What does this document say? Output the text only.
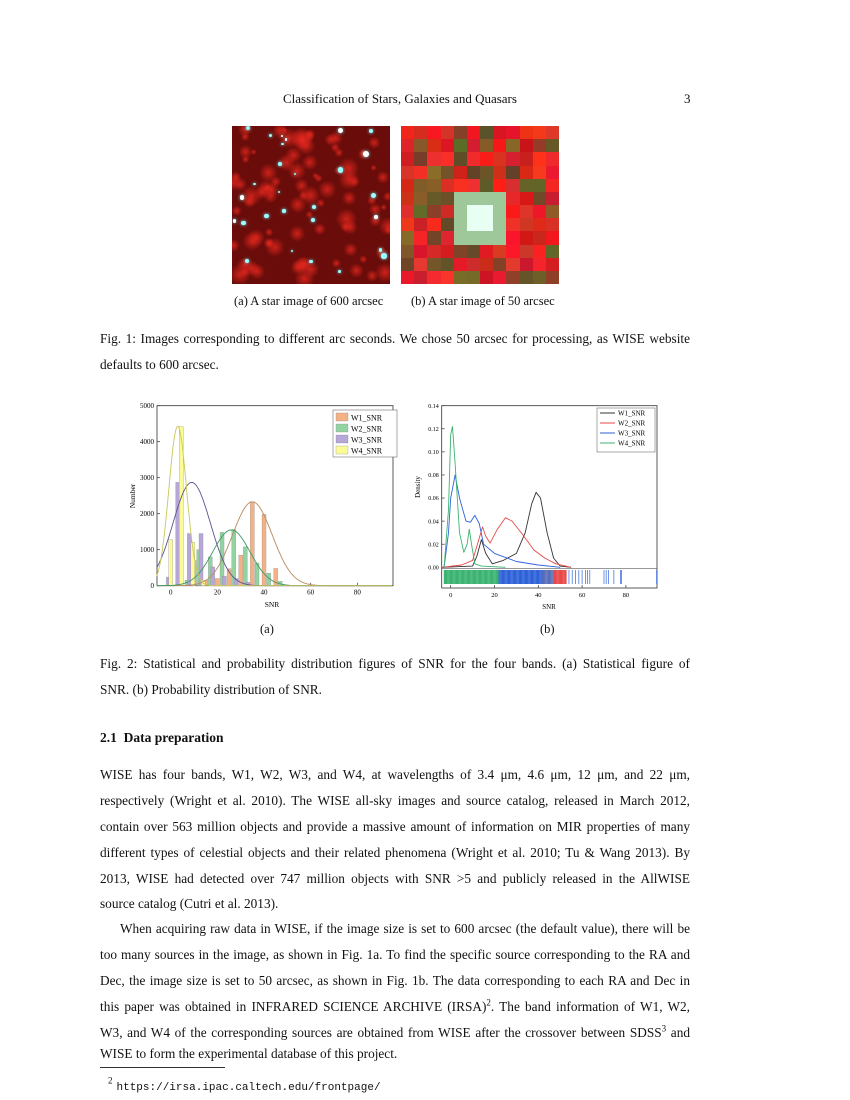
Classification of Stars, Galaxies and Quasars	3
(a) A star image of 600 arcsec (b) A star image of 50 arcsec
Fig. 1: Images corresponding to different arc seconds. We chose 50 arcsec for processing, as WISE website
defaults to 600 arcsec.
0
1000
2000
3000
4000
5000
0	20	40	60	80
SNR
Number
W1_SNR
W2_SNR
W3_SNR
W4_SNR
0.00
0.02
0.04
0.06
0.08
0.10
0.12
0.14
0	20	40	60	80
SNR
Density
W1_SNR
W2_SNR
W3_SNR
W4_SNR
(a)	(b)
Fig. 2: Statistical and probability distribution figures of SNR for the four bands. (a) Statistical figure of
SNR. (b) Probability distribution of SNR.
2.1 Data preparation
WISE has four bands, W1, W2, W3, and W4, at wavelengths of 3.4 μm, 4.6 μm, 12 μm, and 22 μm,
respectively (Wright et al. 2010). The WISE all-sky images and source catalog, released in March 2012,
contain over 563 million objects and provide a massive amount of information on MIR properties of many
different types of celestial objects and their related phenomena (Wright et al. 2010; Tu & Wang 2013). By
2013, WISE had detected over 747 million objects with SNR >5 and publicly released in the AllWISE
source catalog (Cutri et al. 2013).
When acquiring raw data in WISE, if the image size is set to 600 arcsec (the default value), there will be
too many sources in the image, as shown in Fig. 1a. To find the specific source corresponding to the RA and
Dec, the image size is set to 50 arcsec, as shown in Fig. 1b. The data corresponding to each RA and Dec in
this paper was obtained in INFRARED SCIENCE ARCHIVE (IRSA)$^2$. The band information of W1, W2,
W3, and W4 of the corresponding sources are obtained from WISE after the crossover between SDSS$^3$ and
WISE to form the experimental database of this project.
$^2$ https://irsa.ipac.caltech.edu/frontpage/
